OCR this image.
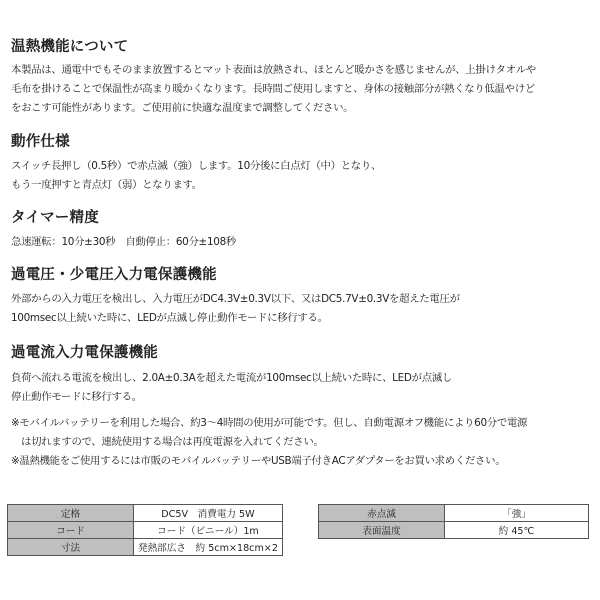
温熱機能について

本製品は、通電中でもそのまま放置するとマット表面は放熱され、ほとんど暖かさを感じませんが、上掛けタオルや
毛布を掛けることで保温性が高まり暖かくなります。長時間ご使用しますと、身体の接触部分が熱くなり低温やけど
をおこす可能性があります。ご使用前に快適な温度まで調整してください。

動作仕様

スイッチ長押し（0.5秒）で赤点滅（強）します。10分後に白点灯（中）となり、
もう一度押すと青点灯（弱）となります。

タイマー精度

急速運転：10分±30秒　自動停止：60分±108秒

過電圧・少電圧入力電保護機能

外部からの入力電圧を検出し、入力電圧がDC4.3V±0.3V以下、又はDC5.7V±0.3Vを超えた電圧が
100msec以上続いた時に、LEDが点滅し停止動作モードに移行する。

過電流入力電保護機能

負荷へ流れる電流を検出し、2.0A±0.3Aを超えた電流が100msec以上続いた時に、LEDが点滅し
停止動作モードに移行する。

※モバイルバッテリーを利用した場合、約3〜4時間の使用が可能です。但し、自動電源オフ機能により60分で電源

は切れますので、連続使用する場合は再度電源を入れてください。

※温熱機能をご使用するには市販のモバイルバッテリーやUSB端子付きACアダプターをお買い求めください。

定格	DC5V　消費電力 5W
コード	コード（ビニール）1m
寸法	発熱部広さ　約 5cm×18cm×2
赤点滅	「強」
表面温度	約 45℃
